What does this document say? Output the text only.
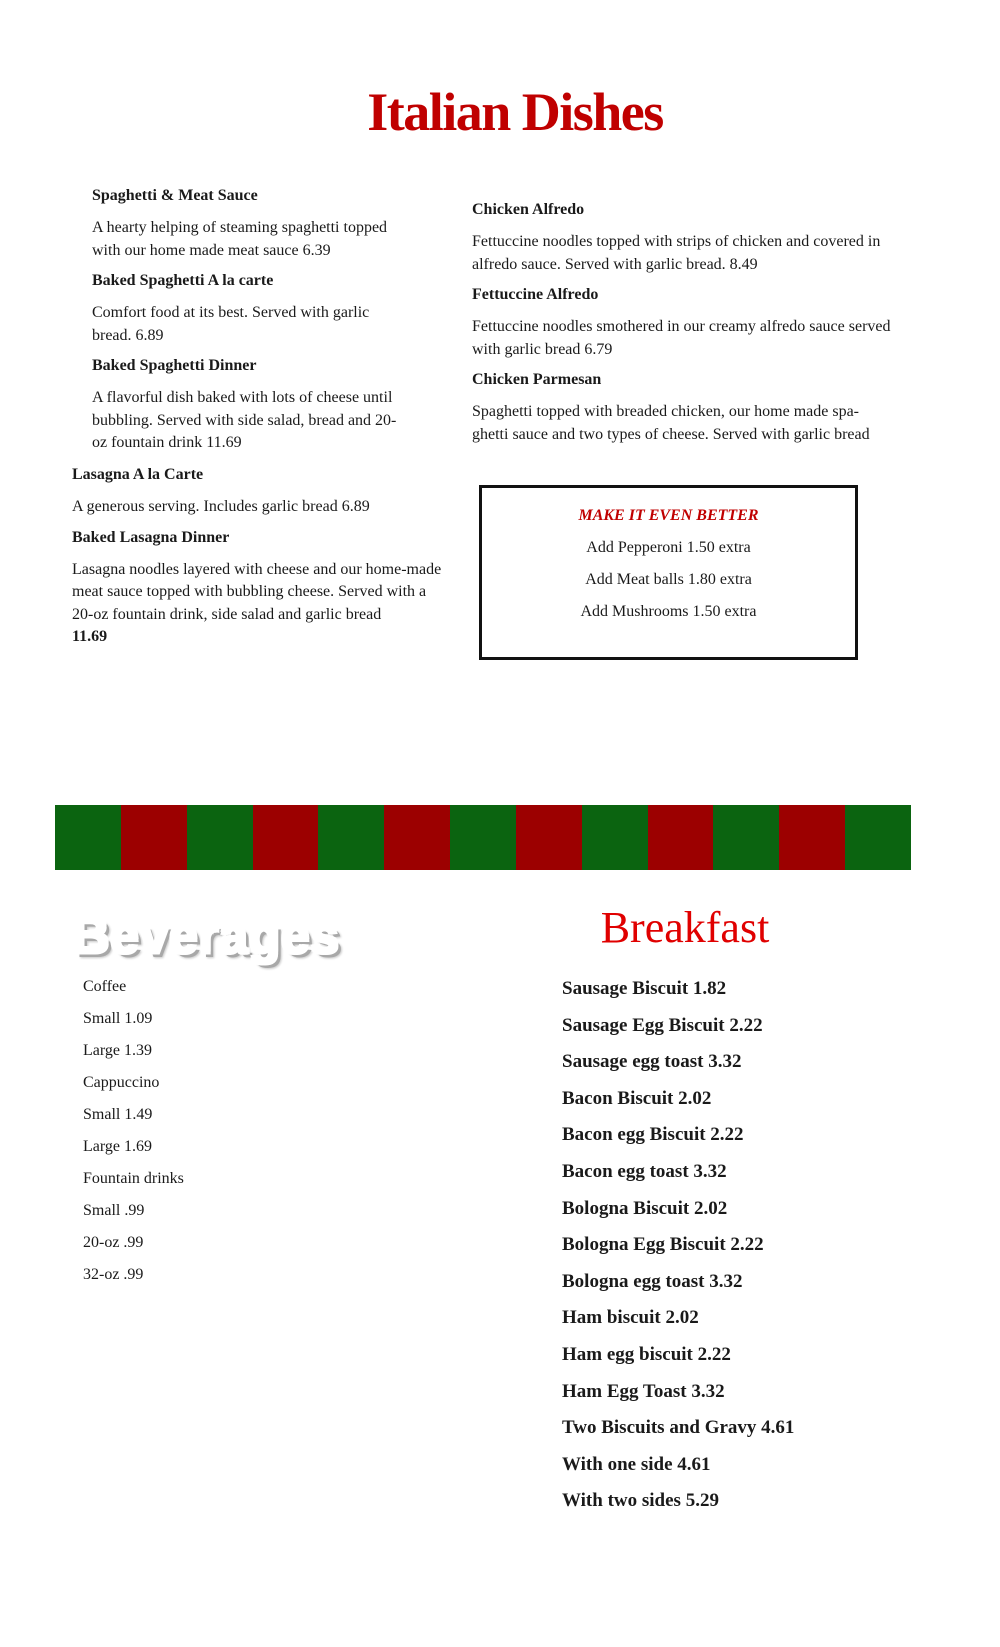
Italian Dishes
Spaghetti & Meat Sauce
A hearty helping of steaming spaghetti topped with our home made meat sauce 6.39
Baked Spaghetti A la carte
Comfort food at its best. Served with garlic bread. 6.89
Baked Spaghetti Dinner
A flavorful dish baked with lots of cheese until bubbling. Served with side salad, bread and 20-oz fountain drink 11.69
Lasagna A la Carte
A generous serving. Includes garlic bread 6.89
Baked Lasagna Dinner
Lasagna noodles layered with cheese and our home-made meat sauce topped with bubbling cheese. Served with a 20-oz fountain drink, side salad and garlic bread
11.69
Chicken Alfredo
Fettuccine noodles topped with strips of chicken and covered in alfredo sauce. Served with garlic bread. 8.49
Fettuccine Alfredo
Fettuccine noodles smothered in our creamy alfredo sauce served with garlic bread 6.79
Chicken Parmesan
Spaghetti topped with breaded chicken, our home made spa-ghetti sauce and two types of cheese. Served with garlic bread
MAKE IT EVEN BETTER
Add Pepperoni 1.50 extra
Add Meat balls 1.80 extra
Add Mushrooms 1.50 extra
Beverages
Coffee
Small 1.09
Large 1.39
Cappuccino
Small 1.49
Large 1.69
Fountain drinks
Small .99
20-oz .99
32-oz .99
Breakfast
Sausage Biscuit 1.82
Sausage Egg Biscuit 2.22
Sausage egg toast 3.32
Bacon Biscuit 2.02
Bacon egg Biscuit 2.22
Bacon egg toast 3.32
Bologna Biscuit 2.02
Bologna Egg Biscuit 2.22
Bologna egg toast 3.32
Ham biscuit 2.02
Ham egg biscuit 2.22
Ham Egg Toast 3.32
Two Biscuits and Gravy 4.61
With one side 4.61
With two sides 5.29
